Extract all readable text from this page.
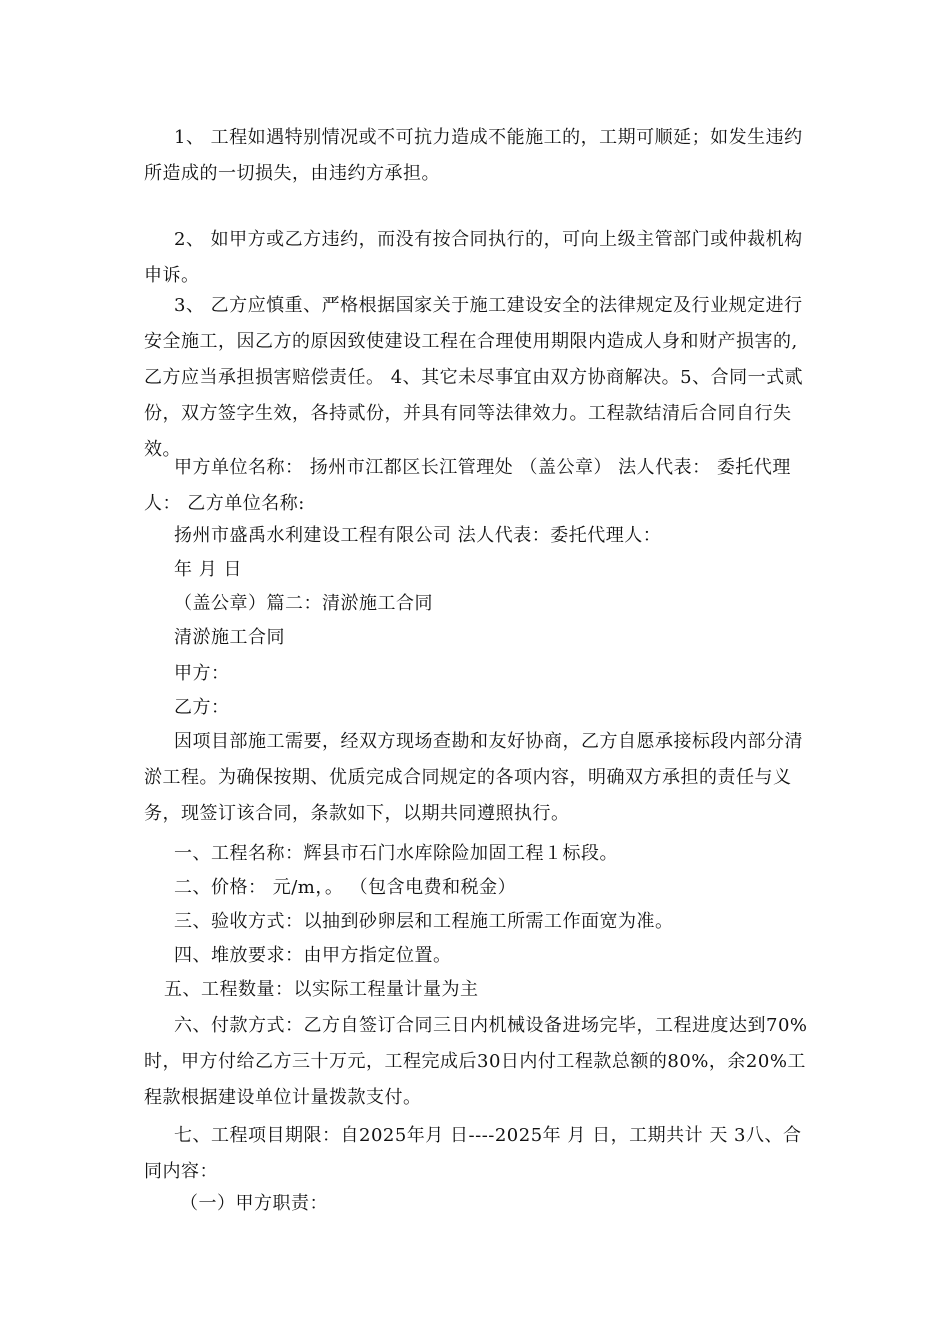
1、 工程如遇特别情况或不可抗力造成不能施工的，工期可顺延；如发生违约所造成的一切损失，由违约方承担。

2、 如甲方或乙方违约，而没有按合同执行的，可向上级主管部门或仲裁机构申诉。

3、 乙方应慎重、严格根据国家关于施工建设安全的法律规定及行业规定进行安全施工，因乙方的原因致使建设工程在合理使用期限内造成人身和财产损害的,乙方应当承担损害赔偿责任。 4、其它未尽事宜由双方协商解决。5、合同一式贰份，双方签字生效，各持贰份，并具有同等法律效力。工程款结清后合同自行失效。

甲方单位名称： 扬州市江都区长江管理处 （盖公章） 法人代表： 委托代理人： 乙方单位名称:

扬州市盛禹水利建设工程有限公司 法人代表：委托代理人：

年 月 日

（盖公章）篇二：清淤施工合同

清淤施工合同

甲方：

乙方：

因项目部施工需要，经双方现场查勘和友好协商，乙方自愿承接标段内部分清淤工程。为确保按期、优质完成合同规定的各项内容，明确双方承担的责任与义务，现签订该合同，条款如下，以期共同遵照执行。

一、工程名称：辉县市石门水库除险加固工程１标段。

二、价格： 元/m，。 （包含电费和税金）

三、验收方式：以抽到砂卵层和工程施工所需工作面宽为准。

四、堆放要求：由甲方指定位置。

五、工程数量：以实际工程量计量为主

六、付款方式：乙方自签订合同三日内机械设备进场完毕，工程进度达到70%时，甲方付给乙方三十万元，工程完成后30日内付工程款总额的80%，余20%工程款根据建设单位计量拨款支付。

七、工程项目期限：自2025年月 日----2025年 月 日，工期共计 天 3八、合同内容：

（一）甲方职责：
